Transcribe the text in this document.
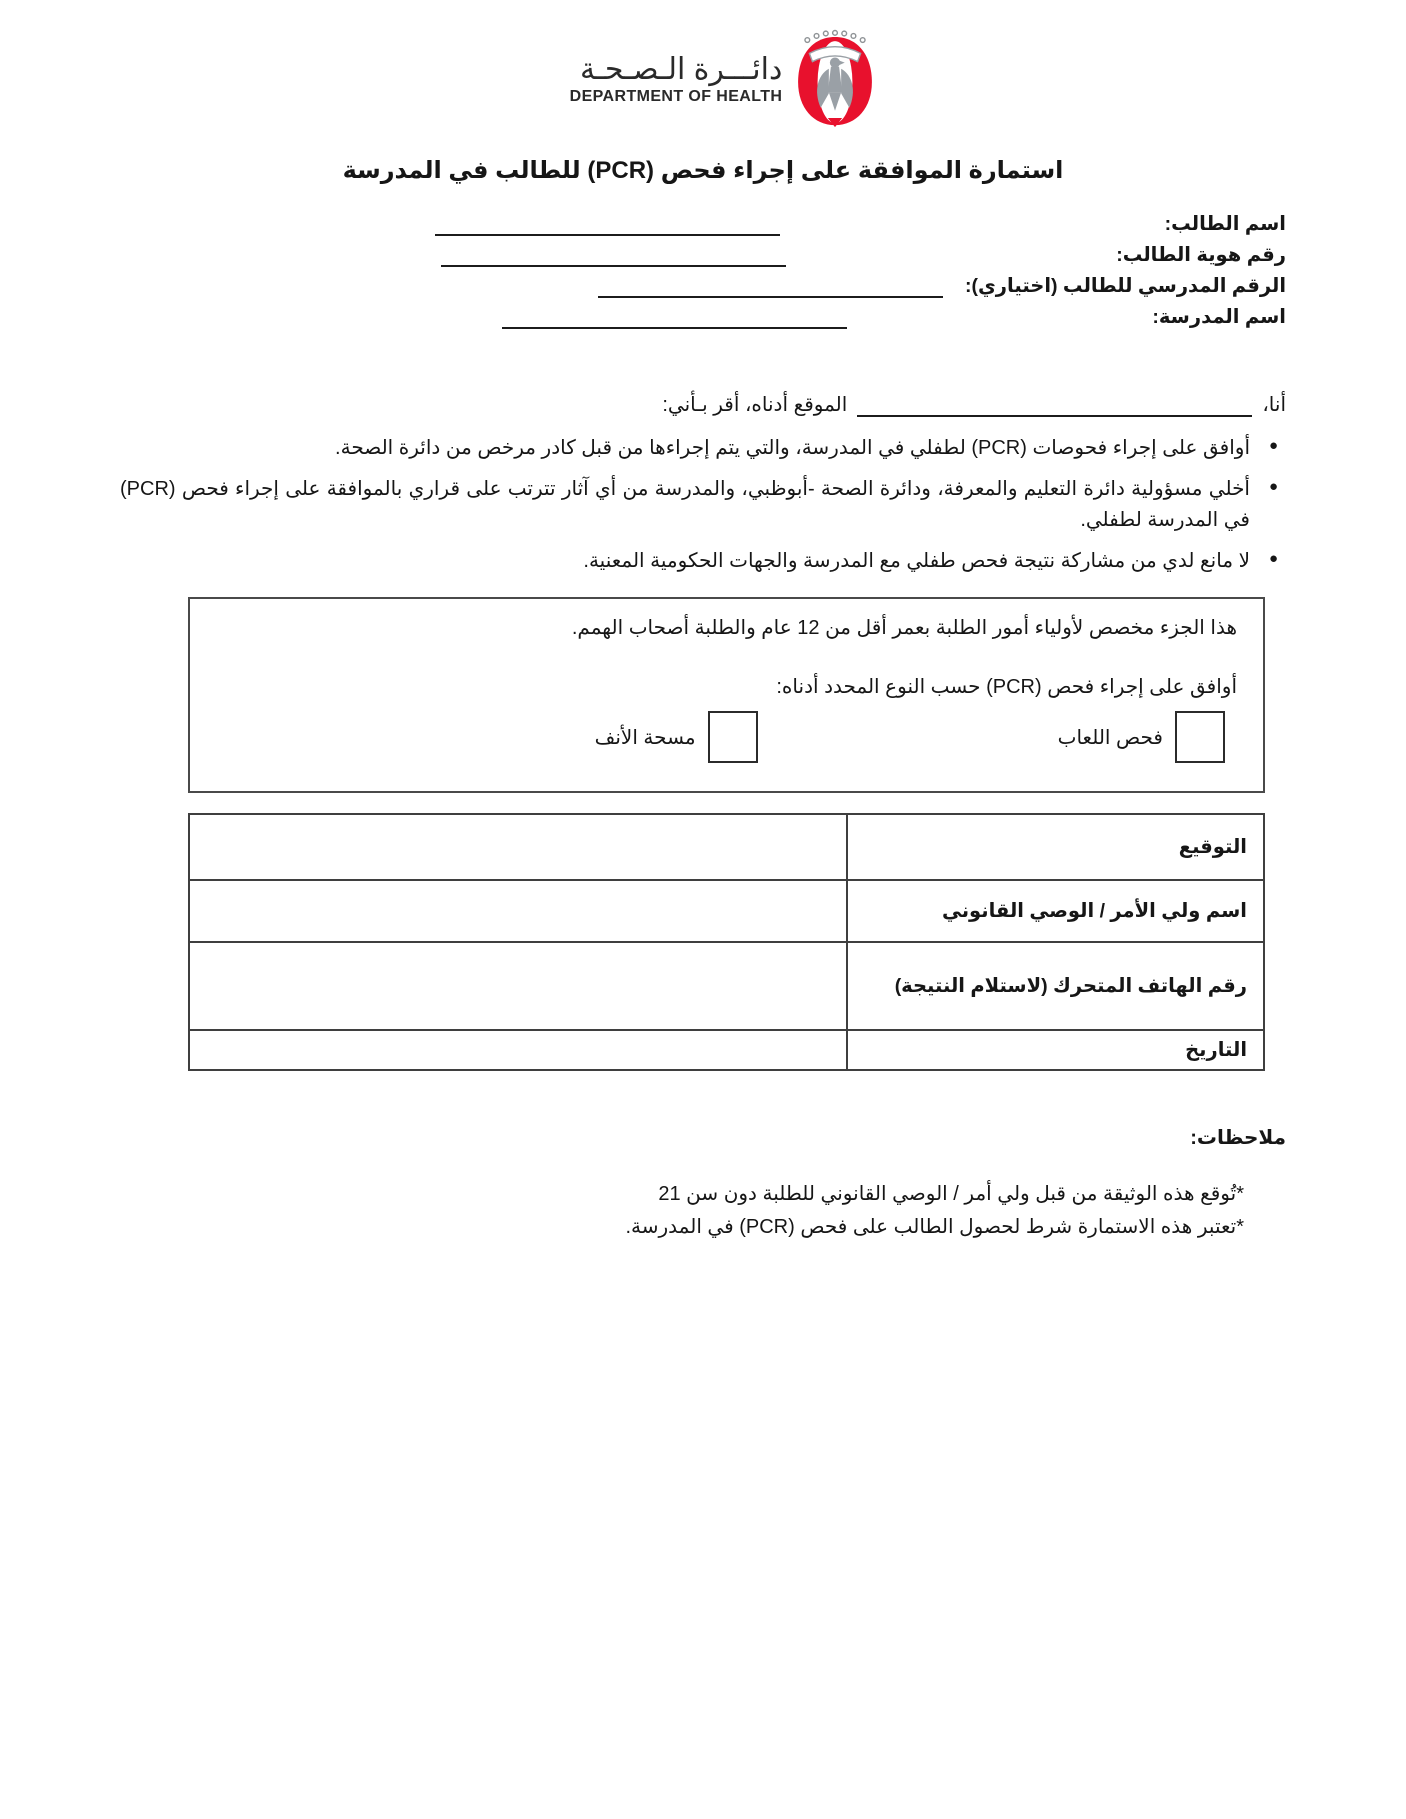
دائـــرة الـصـحـة
DEPARTMENT OF HEALTH
استمارة الموافقة على إجراء فحص (PCR) للطالب في المدرسة
اسم الطالب:
رقم هوية الطالب:
الرقم المدرسي للطالب (اختياري):
اسم المدرسة:
أنا،
الموقع أدناه، أقر بـأني:
●
أوافق على إجراء فحوصات (PCR) لطفلي في المدرسة، والتي يتم إجراءها من قبل كادر مرخص من دائرة الصحة.
●
أخلي مسؤولية دائرة التعليم والمعرفة، ودائرة الصحة -أبوظبي، والمدرسة من أي آثار تترتب على قراري بالموافقة على إجراء فحص (PCR) في المدرسة لطفلي.
●
لا مانع لدي من مشاركة نتيجة فحص طفلي مع المدرسة والجهات الحكومية المعنية.
هذا الجزء مخصص لأولياء أمور الطلبة بعمر أقل من 12 عام والطلبة أصحاب الهمم.
أوافق على إجراء فحص (PCR) حسب النوع المحدد أدناه:
فحص اللعاب
مسحة الأنف
التوقيع
اسم ولي الأمر / الوصي القانوني
رقم الهاتف المتحرك (لاستلام النتيجة)
التاريخ
ملاحظات:
*تُوقع هذه الوثيقة من قبل ولي أمر / الوصي القانوني للطلبة دون سن 21
*تعتبر هذه الاستمارة شرط لحصول الطالب على فحص (PCR) في المدرسة.
